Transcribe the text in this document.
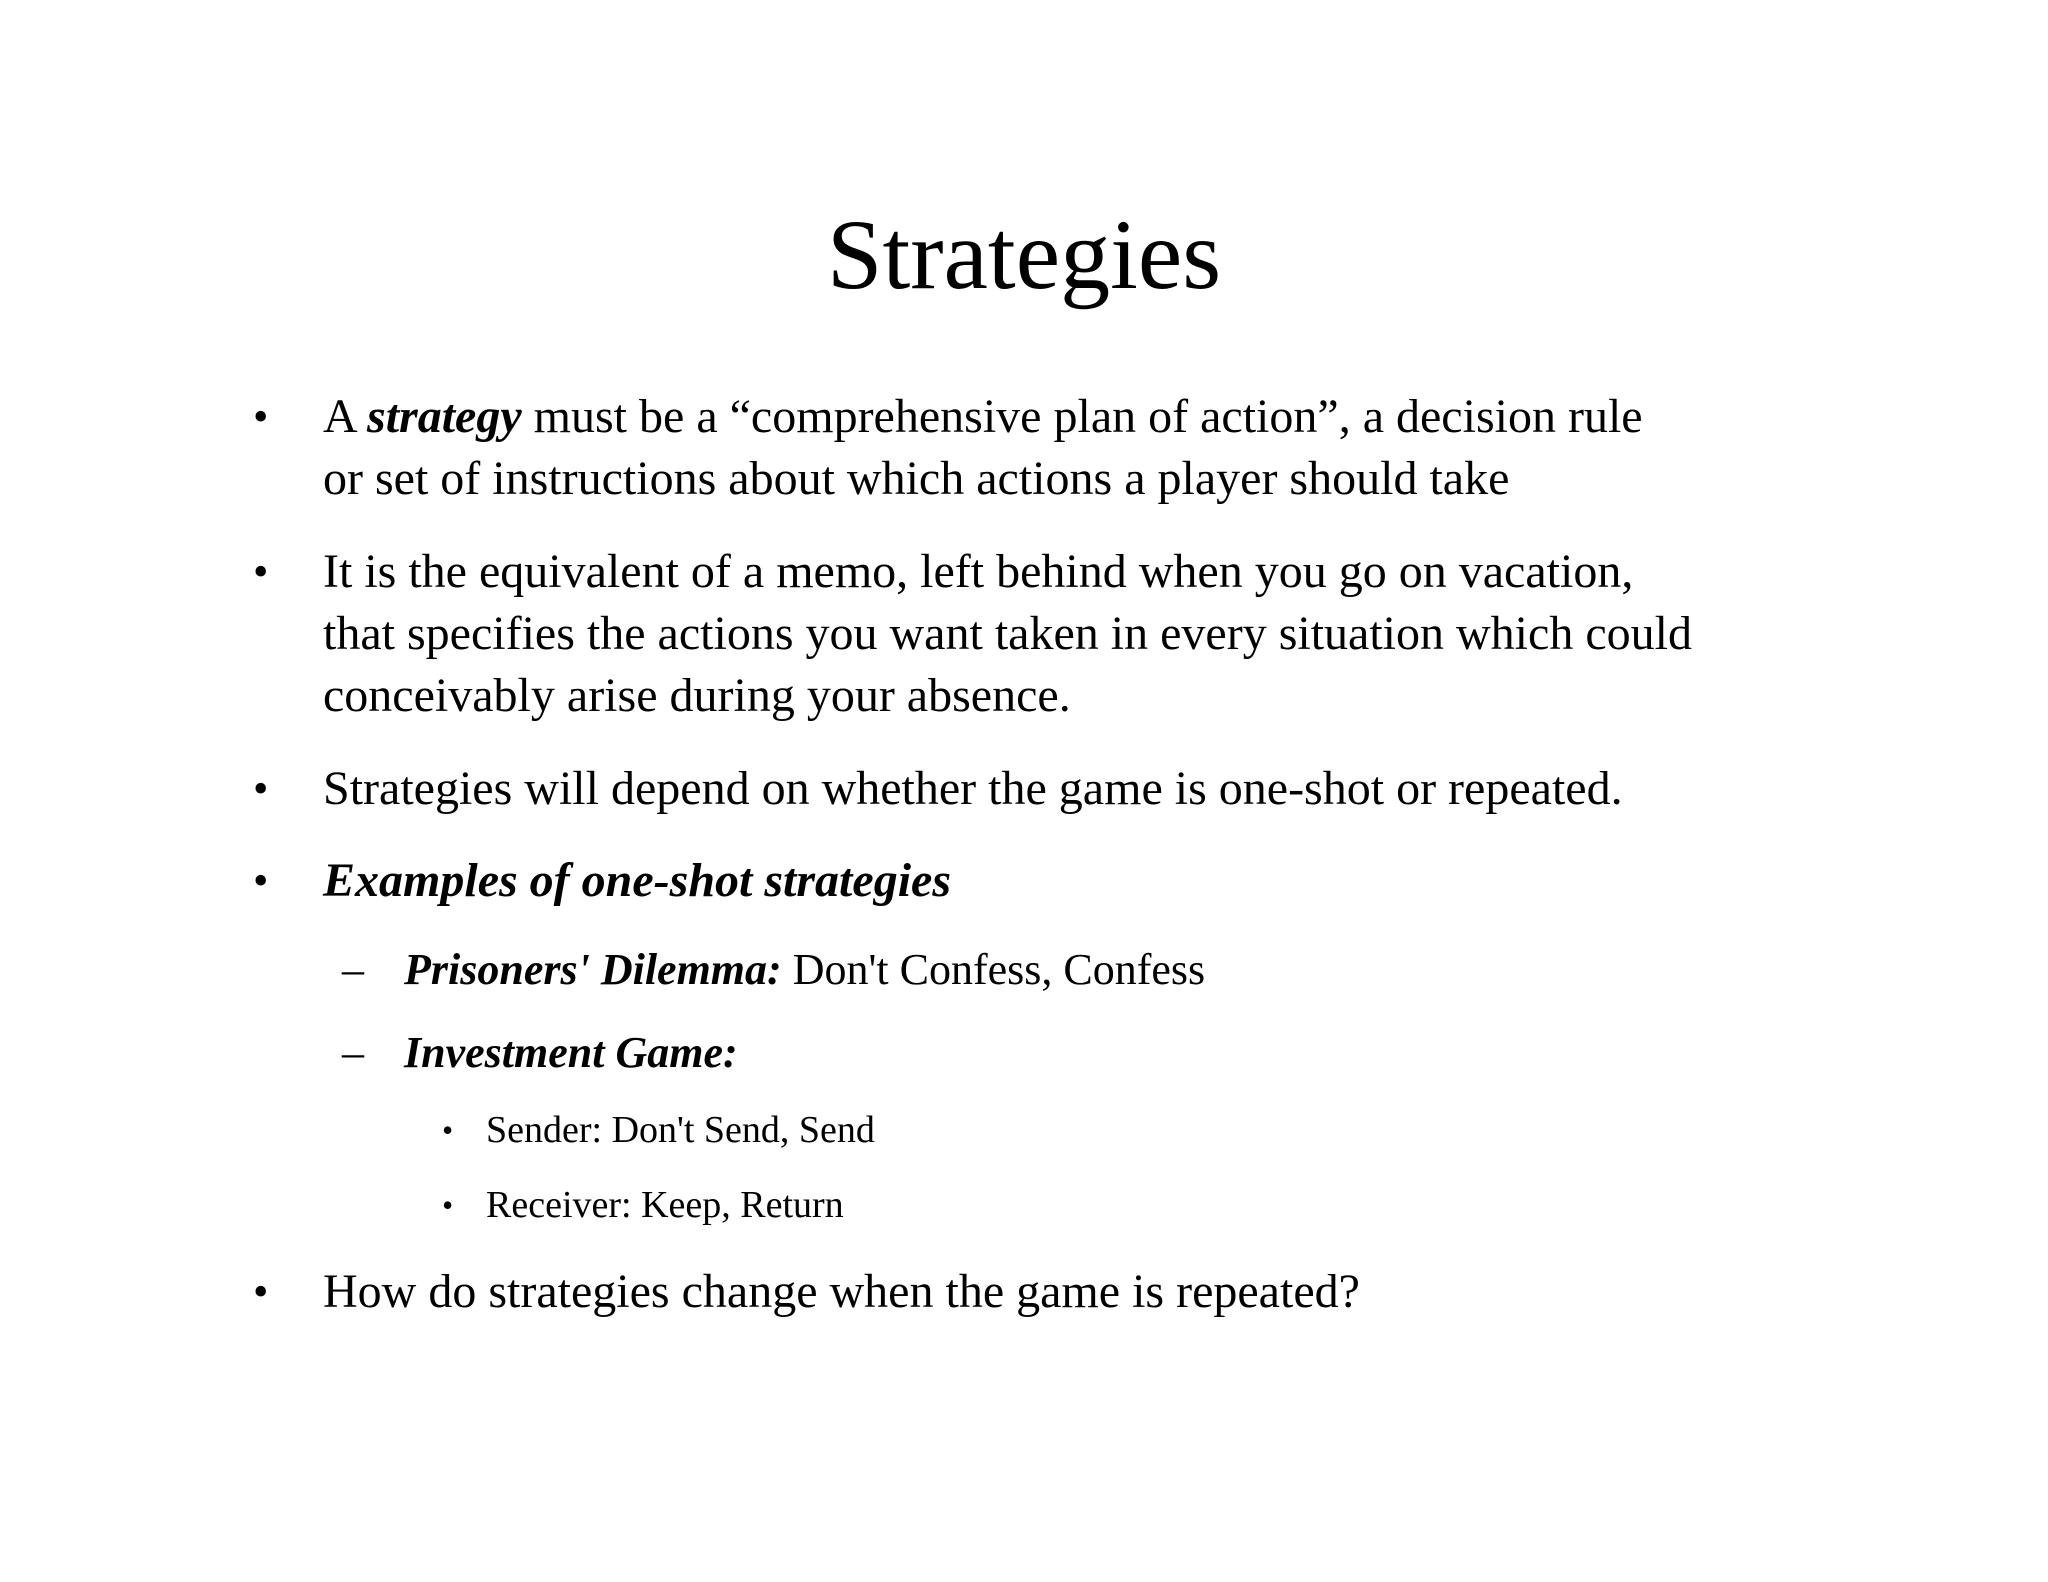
Strategies
• A strategy must be a “comprehensive plan of action”, a decision rule
or set of instructions about which actions a player should take
• It is the equivalent of a memo, left behind when you go on vacation,
that specifies the actions you want taken in every situation which could
conceivably arise during your absence.
• Strategies will depend on whether the game is one-shot or repeated.
• Examples of one-shot strategies
– Prisoners' Dilemma: Don't Confess, Confess
– Investment Game:
• Sender: Don't Send, Send
• Receiver: Keep, Return
• How do strategies change when the game is repeated?
